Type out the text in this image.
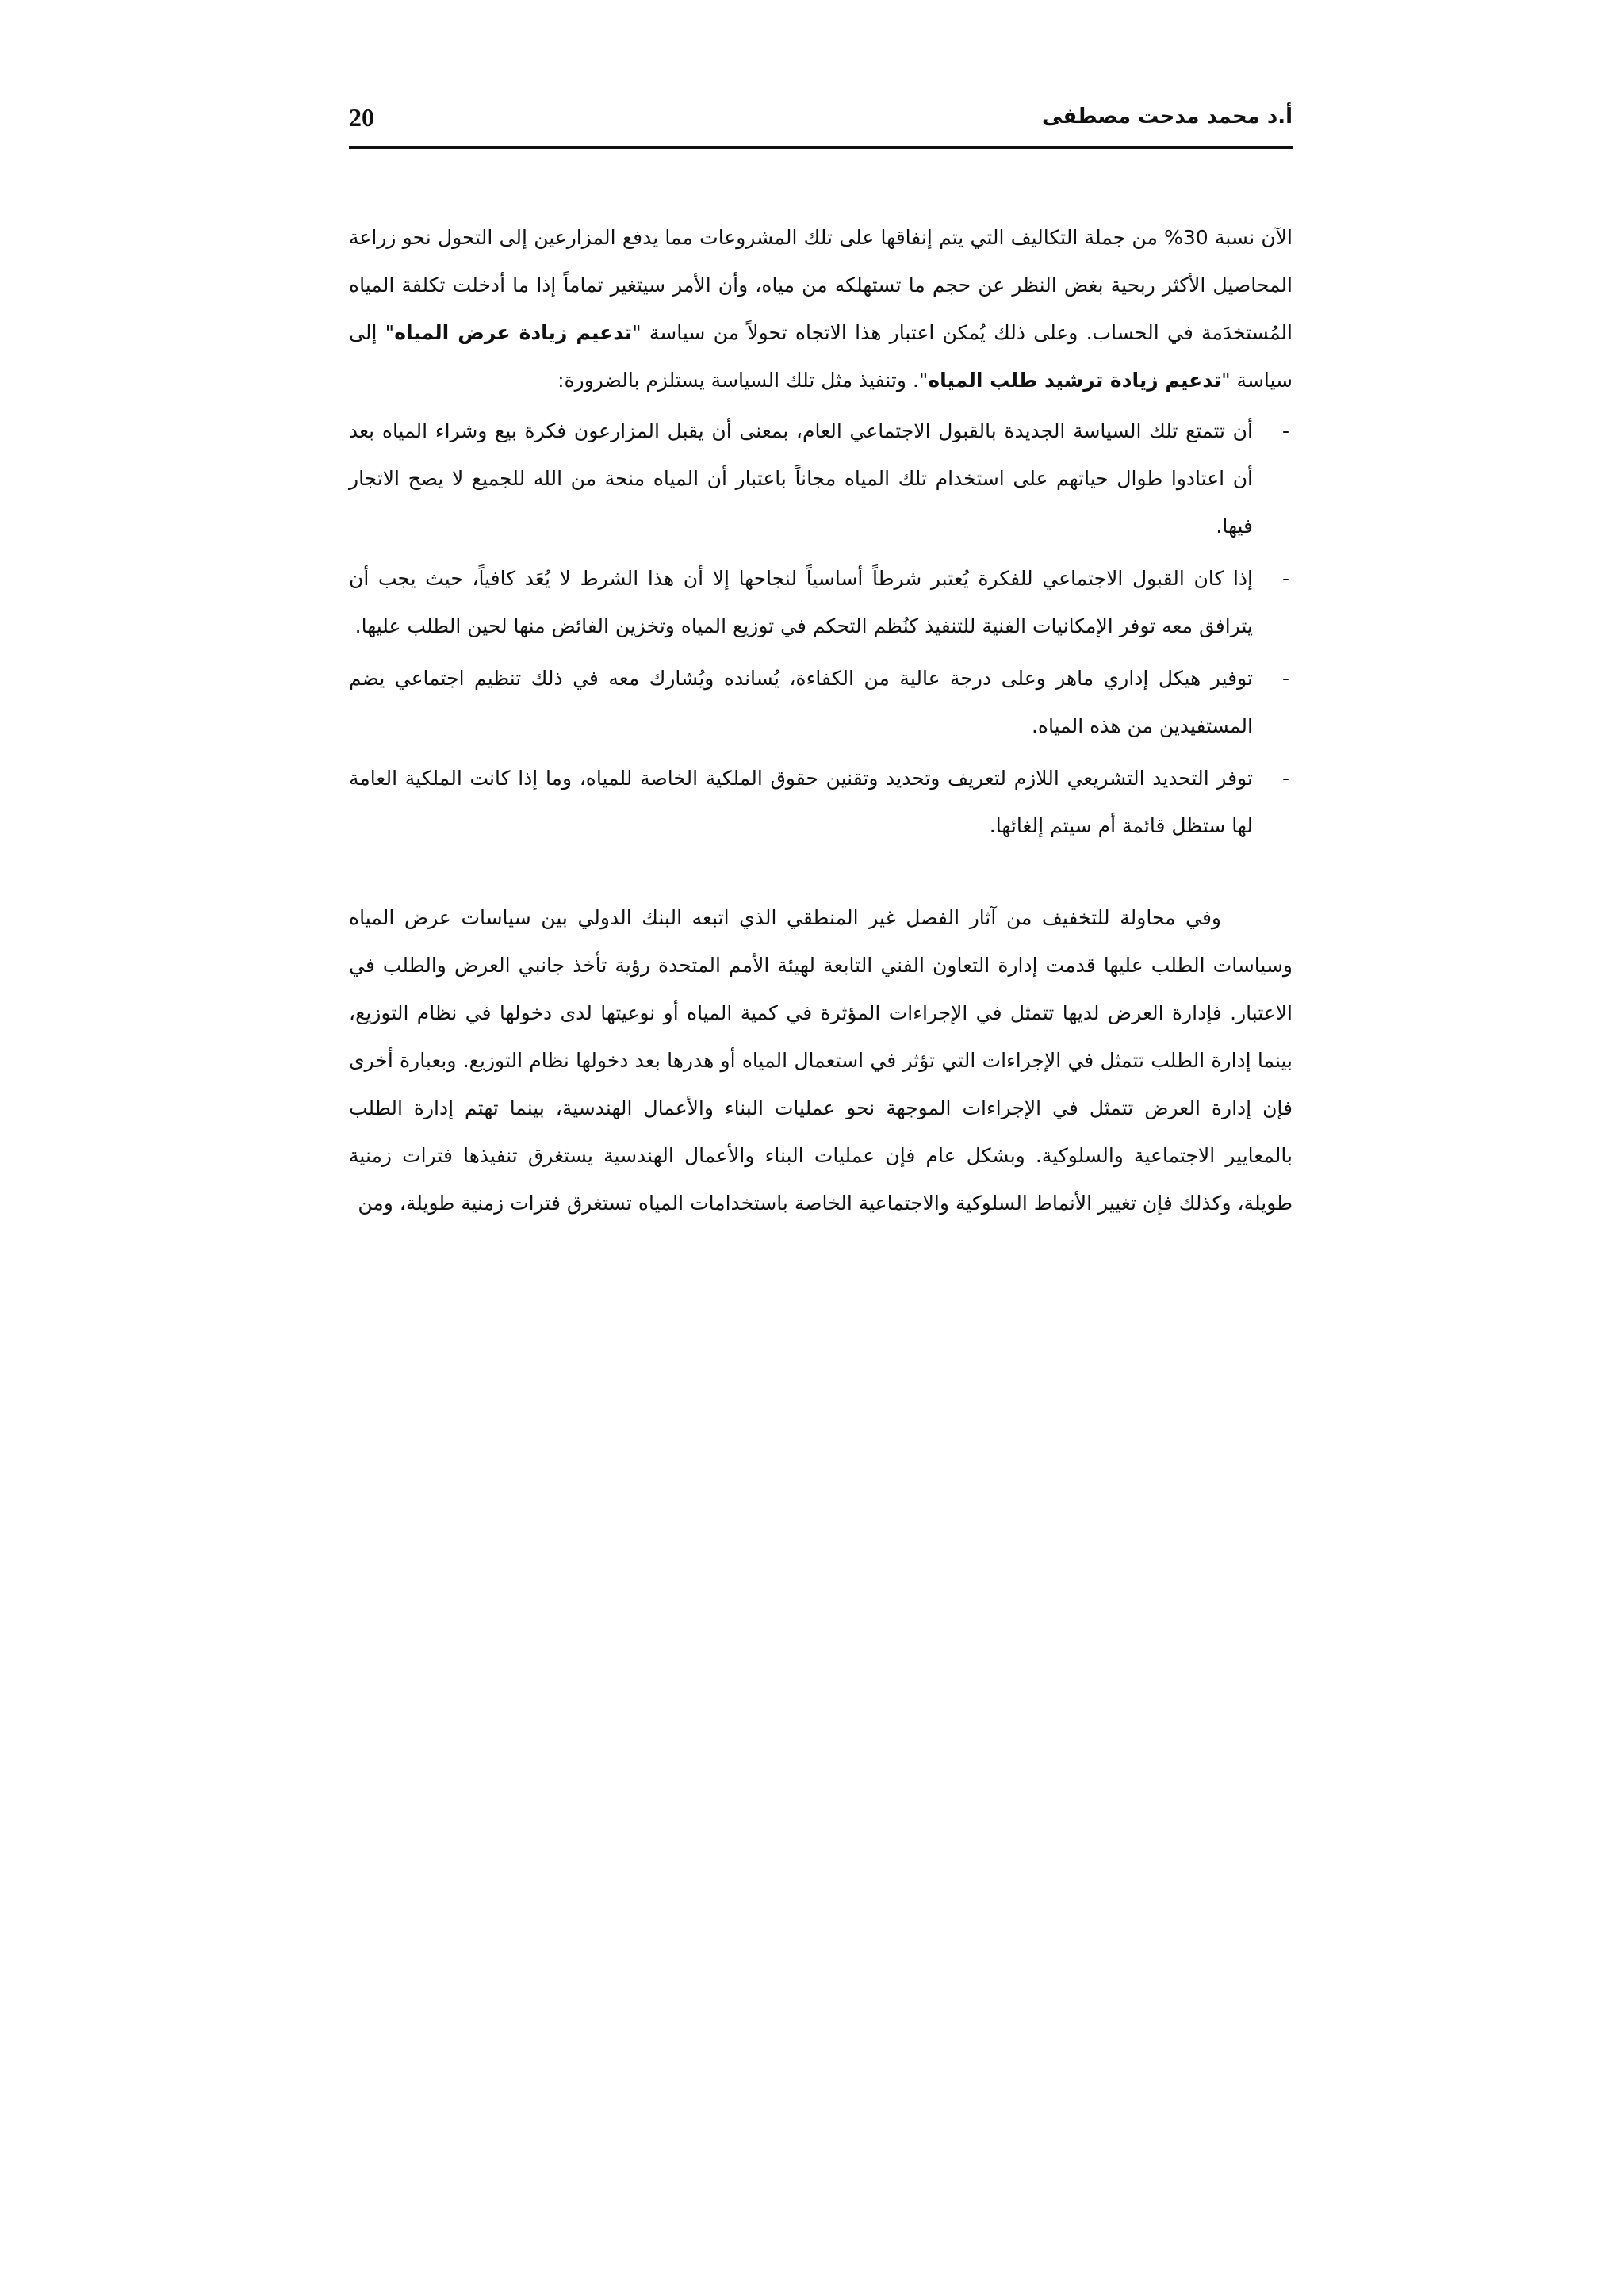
20	أ.د محمد مدحت مصطفى

الآن نسبة 30% من جملة التكاليف التي يتم إنفاقها على تلك المشروعات مما يدفع المزارعين إلى التحول نحو زراعة المحاصيل الأكثر ربحية بغض النظر عن حجم ما تستهلكه من مياه، وأن الأمر سيتغير تماماً إذا ما أدخلت تكلفة المياه المُستخدَمة في الحساب. وعلى ذلك يُمكن اعتبار هذا الاتجاه تحولاً من سياسة "تدعيم زيادة عرض المياه" إلى سياسة "تدعيم زيادة ترشيد طلب المياه". وتنفيذ مثل تلك السياسة يستلزم بالضرورة:

-
أن تتمتع تلك السياسة الجديدة بالقبول الاجتماعي العام، بمعنى أن يقبل المزارعون فكرة بيع وشراء المياه بعد أن اعتادوا طوال حياتهم على استخدام تلك المياه مجاناً باعتبار أن المياه منحة من الله للجميع لا يصح الاتجار فيها.
-
إذا كان القبول الاجتماعي للفكرة يُعتبر شرطاً أساسياً لنجاحها إلا أن هذا الشرط لا يُعَد كافياً، حيث يجب أن يترافق معه توفر الإمكانيات الفنية للتنفيذ كنُظم التحكم في توزيع المياه وتخزين الفائض منها لحين الطلب عليها.
-
توفير هيكل إداري ماهر وعلى درجة عالية من الكفاءة، يُسانده ويُشارك معه في ذلك تنظيم اجتماعي يضم المستفيدين من هذه المياه.
-
توفر التحديد التشريعي اللازم لتعريف وتحديد وتقنين حقوق الملكية الخاصة للمياه، وما إذا كانت الملكية العامة لها ستظل قائمة أم سيتم إلغائها.

وفي محاولة للتخفيف من آثار الفصل غير المنطقي الذي اتبعه البنك الدولي بين سياسات عرض المياه وسياسات الطلب عليها قدمت إدارة التعاون الفني التابعة لهيئة الأمم المتحدة رؤية تأخذ جانبي العرض والطلب في الاعتبار. فإدارة العرض لديها تتمثل في الإجراءات المؤثرة في كمية المياه أو نوعيتها لدى دخولها في نظام التوزيع، بينما إدارة الطلب تتمثل في الإجراءات التي تؤثر في استعمال المياه أو هدرها بعد دخولها نظام التوزيع. وبعبارة أخرى فإن إدارة العرض تتمثل في الإجراءات الموجهة نحو عمليات البناء والأعمال الهندسية، بينما تهتم إدارة الطلب بالمعايير الاجتماعية والسلوكية. وبشكل عام فإن عمليات البناء والأعمال الهندسية يستغرق تنفيذها فترات زمنية طويلة، وكذلك فإن تغيير الأنماط السلوكية والاجتماعية الخاصة باستخدامات المياه تستغرق فترات زمنية طويلة، ومن
